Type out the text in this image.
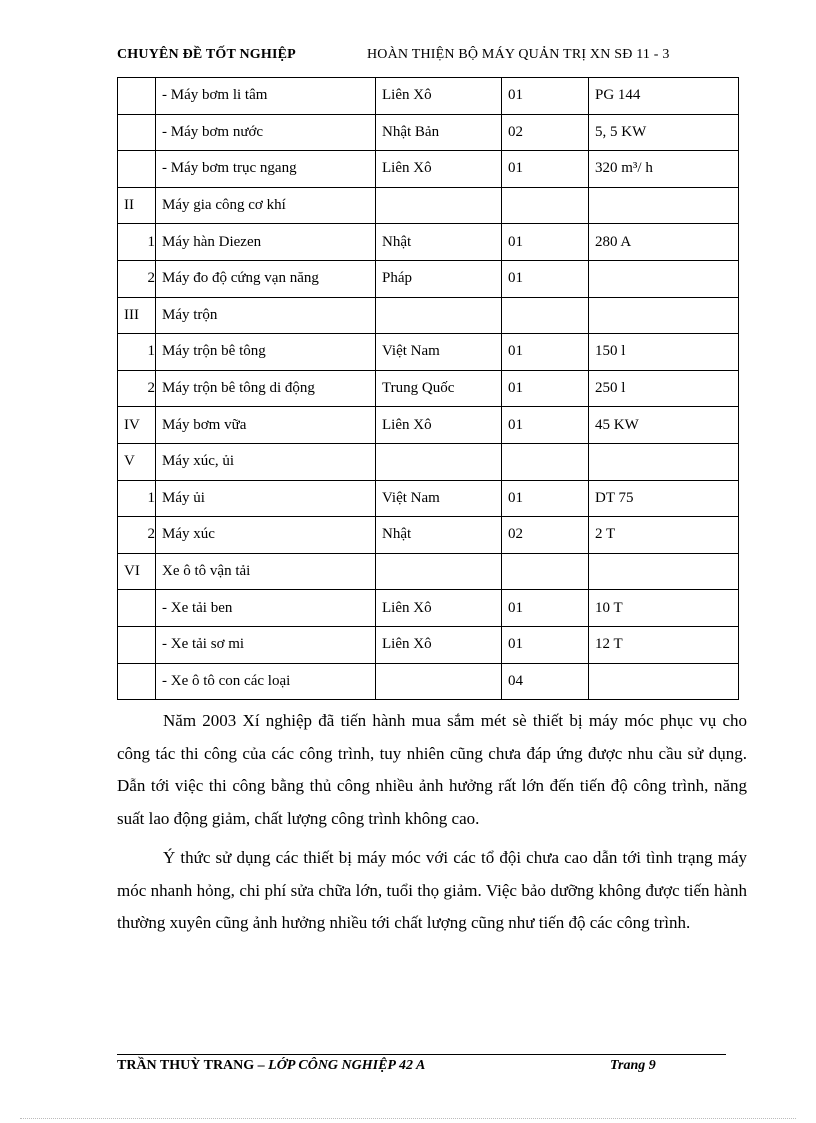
CHUYÊN ĐỀ TỐT NGHIỆP	HOÀN THIỆN BỘ MÁY QUẢN TRỊ XN SĐ 11 - 3
	- Máy bơm li tâm	Liên Xô	01	PG 144
	- Máy bơm nước	Nhật Bản	02	5, 5 KW
	- Máy bơm trục ngang	Liên Xô	01	320 m³/ h
II	Máy gia công cơ khí			
1	Máy hàn Diezen	Nhật	01	280 A
2	Máy đo độ cứng vạn năng	Pháp	01	
III	Máy trộn			
1	Máy trộn bê tông	Việt Nam	01	150 l
2	Máy trộn bê tông di động	Trung Quốc	01	250 l
IV	Máy bơm vữa	Liên Xô	01	45 KW
V	Máy xúc, ủi			
1	Máy ủi	Việt Nam	01	DT 75
2	Máy xúc	Nhật	02	2 T
VI	Xe ô tô vận tải			
	- Xe tải ben	Liên Xô	01	10 T
	- Xe tải sơ mi	Liên Xô	01	12 T
	- Xe ô tô con các loại		04	

Năm 2003 Xí nghiệp đã tiến hành mua sắm mét sè thiết bị máy móc phục vụ cho công tác thi công của các công trình, tuy nhiên cũng chưa đáp ứng được nhu cầu sử dụng. Dẫn tới việc thi công bằng thủ công nhiều ảnh hưởng rất lớn đến tiến độ công trình, năng suất lao động giảm, chất lượng công trình không cao.

Ý thức sử dụng các thiết bị máy móc với các tổ đội chưa cao dẫn tới tình trạng máy móc nhanh hỏng, chi phí sửa chữa lớn, tuổi thọ giảm. Việc bảo dưỡng không được tiến hành thường xuyên cũng ảnh hưởng nhiều tới chất lượng cũng như tiến độ các công trình.

TRẦN THUỲ TRANG – LỚP CÔNG NGHIỆP 42 A	Trang 9
